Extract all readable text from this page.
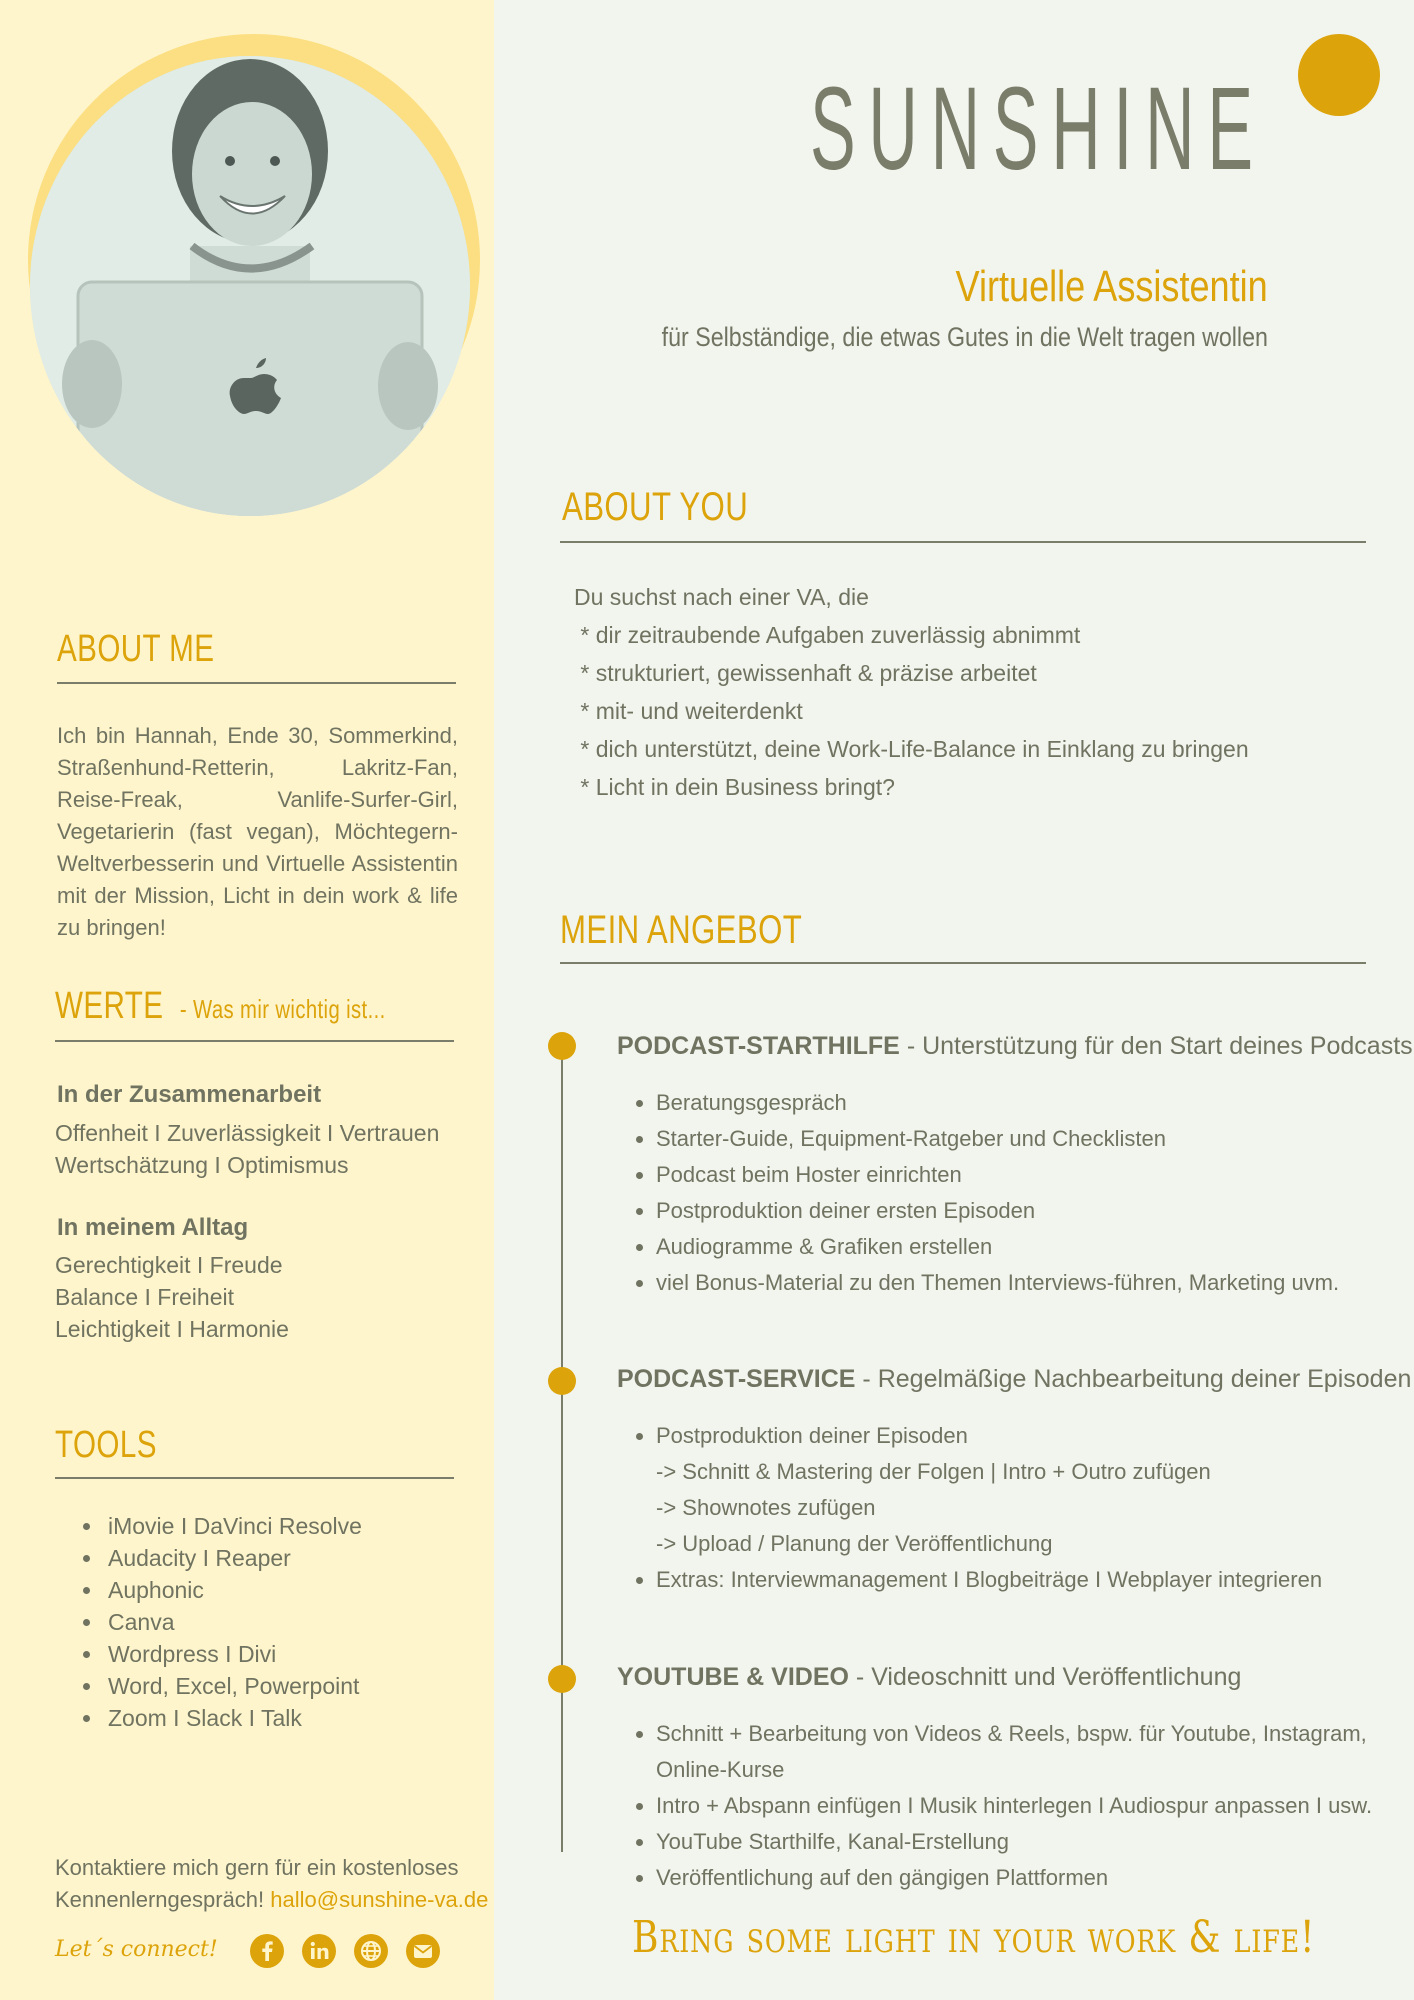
ABOUT ME
Ich bin Hannah, Ende 30, Sommerkind, Straßenhund-Retterin, Lakritz-Fan, Reise-Freak, Vanlife-Surfer-Girl, Vegetarierin (fast vegan), Möchtegern-Weltverbesserin und Virtuelle Assistentin mit der Mission, Licht in dein work & life zu bringen!
WERTE - Was mir wichtig ist...
In der Zusammenarbeit
Offenheit I Zuverlässigkeit I Vertrauen
Wertschätzung I Optimismus
In meinem Alltag
Gerechtigkeit I Freude
Balance I Freiheit
Leichtigkeit I Harmonie
TOOLS
• iMovie I DaVinci Resolve
• Audacity I Reaper
• Auphonic
• Canva
• Wordpress I Divi
• Word, Excel, Powerpoint
• Zoom I Slack I Talk
Kontaktiere mich gern für ein kostenloses
Kennenlerngespräch! hallo@sunshine-va.de
Let´s connect!
SUNSHINE
Virtuelle Assistentin
für Selbständige, die etwas Gutes in die Welt tragen wollen
ABOUT YOU
Du suchst nach einer VA, die
* dir zeitraubende Aufgaben zuverlässig abnimmt
* strukturiert, gewissenhaft & präzise arbeitet
* mit- und weiterdenkt
* dich unterstützt, deine Work-Life-Balance in Einklang zu bringen
* Licht in dein Business bringt?
MEIN ANGEBOT
PODCAST-STARTHILFE - Unterstützung für den Start deines Podcasts
• Beratungsgespräch
• Starter-Guide, Equipment-Ratgeber und Checklisten
• Podcast beim Hoster einrichten
• Postproduktion deiner ersten Episoden
• Audiogramme & Grafiken erstellen
• viel Bonus-Material zu den Themen Interviews-führen, Marketing uvm.
PODCAST-SERVICE - Regelmäßige Nachbearbeitung deiner Episoden
• Postproduktion deiner Episoden
-> Schnitt & Mastering der Folgen | Intro + Outro zufügen
-> Shownotes zufügen
-> Upload / Planung der Veröffentlichung
• Extras: Interviewmanagement I Blogbeiträge I Webplayer integrieren
YOUTUBE & VIDEO - Videoschnitt und Veröffentlichung
• Schnitt + Bearbeitung von Videos & Reels, bspw. für Youtube, Instagram, Online-Kurse
• Intro + Abspann einfügen I Musik hinterlegen I Audiospur anpassen I usw.
• YouTube Starthilfe, Kanal-Erstellung
• Veröffentlichung auf den gängigen Plattformen
Bring some light in your work & life!
